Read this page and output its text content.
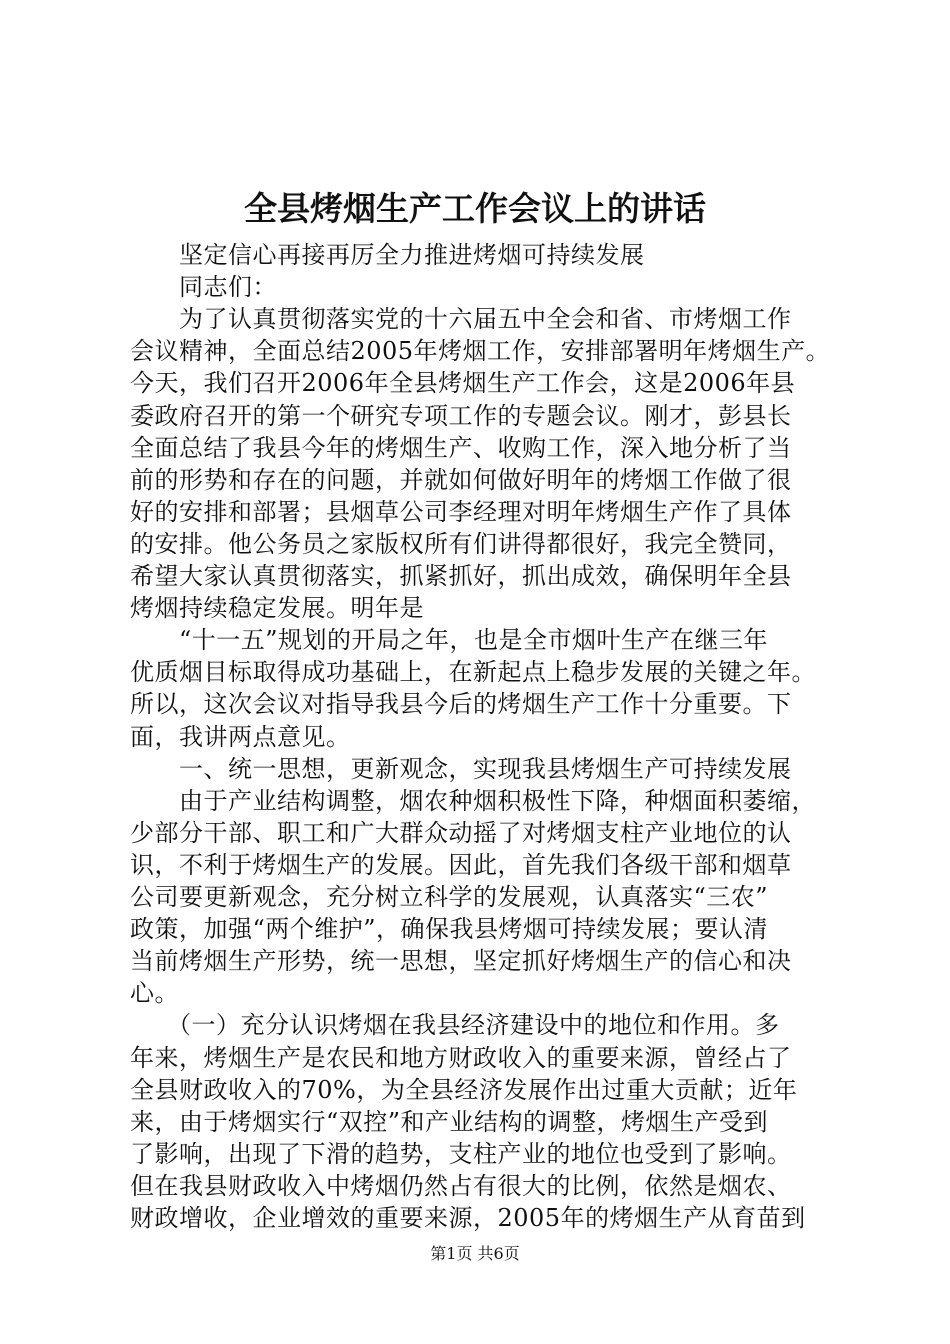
全县烤烟生产工作会议上的讲话
　　坚定信心再接再厉全力推进烤烟可持续发展
　　同志们：
　　为了认真贯彻落实党的十六届五中全会和省、市烤烟工作
会议精神，全面总结2005年烤烟工作，安排部署明年烤烟生产。
今天，我们召开2006年全县烤烟生产工作会，这是2006年县
委政府召开的第一个研究专项工作的专题会议。刚才，彭县长
全面总结了我县今年的烤烟生产、收购工作，深入地分析了当
前的形势和存在的问题，并就如何做好明年的烤烟工作做了很
好的安排和部署；县烟草公司李经理对明年烤烟生产作了具体
的安排。他公务员之家版权所有们讲得都很好，我完全赞同，
希望大家认真贯彻落实，抓紧抓好，抓出成效，确保明年全县
烤烟持续稳定发展。明年是
　　“十一五”规划的开局之年，也是全市烟叶生产在继三年
优质烟目标取得成功基础上，在新起点上稳步发展的关键之年。
所以，这次会议对指导我县今后的烤烟生产工作十分重要。下
面，我讲两点意见。
　　一、统一思想，更新观念，实现我县烤烟生产可持续发展
　　由于产业结构调整，烟农种烟积极性下降，种烟面积萎缩，
少部分干部、职工和广大群众动摇了对烤烟支柱产业地位的认
识，不利于烤烟生产的发展。因此，首先我们各级干部和烟草
公司要更新观念，充分树立科学的发展观，认真落实“三农”
政策，加强“两个维护”，确保我县烤烟可持续发展；要认清
当前烤烟生产形势，统一思想，坚定抓好烤烟生产的信心和决
心。
　　（一）充分认识烤烟在我县经济建设中的地位和作用。多
年来，烤烟生产是农民和地方财政收入的重要来源，曾经占了
全县财政收入的70%，为全县经济发展作出过重大贡献；近年
来，由于烤烟实行“双控”和产业结构的调整，烤烟生产受到
了影响，出现了下滑的趋势，支柱产业的地位也受到了影响。
但在我县财政收入中烤烟仍然占有很大的比例，依然是烟农、
财政增收，企业增效的重要来源，2005年的烤烟生产从育苗到
第1页 共6页
